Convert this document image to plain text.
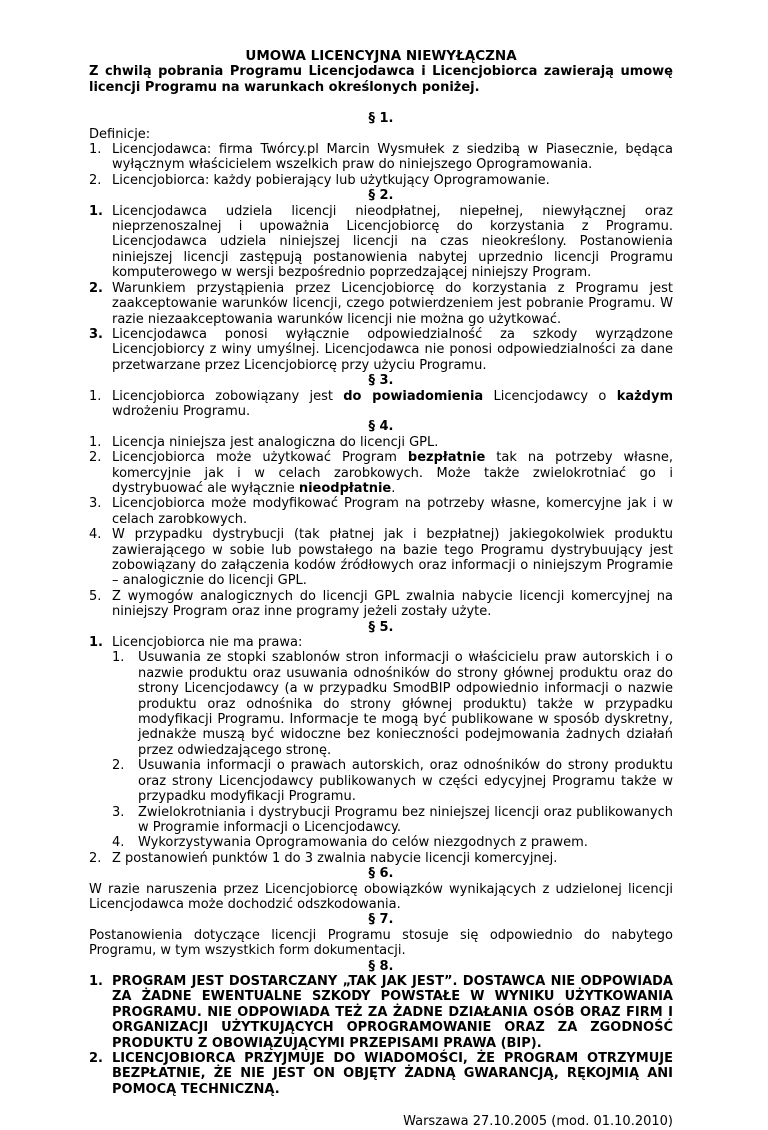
UMOWA LICENCYJNA NIEWYŁĄCZNA

Z chwilą pobrania Programu Licencjodawca i Licencjobiorca zawierają umowę licencji Programu na warunkach określonych poniżej.

§ 1.

Definicje:

1. Licencjodawca: firma Twórcy.pl Marcin Wysmułek z siedzibą w Piasecznie, będąca wyłącznym właścicielem wszelkich praw do niniejszego Oprogramowania.
2. Licencjobiorca: każdy pobierający lub użytkujący Oprogramowanie.

§ 2.

1. Licencjodawca udziela licencji nieodpłatnej, niepełnej, niewyłącznej oraz nieprzenoszalnej i upoważnia Licencjobiorcę do korzystania z Programu. Licencjodawca udziela niniejszej licencji na czas nieokreślony. Postanowienia niniejszej licencji zastępują postanowienia nabytej uprzednio licencji Programu komputerowego w wersji bezpośrednio poprzedzającej niniejszy Program.
2. Warunkiem przystąpienia przez Licencjobiorcę do korzystania z Programu jest zaakceptowanie warunków licencji, czego potwierdzeniem jest pobranie Programu. W razie niezaakceptowania warunków licencji nie można go użytkować.
3. Licencjodawca ponosi wyłącznie odpowiedzialność za szkody wyrządzone Licencjobiorcy z winy umyślnej. Licencjodawca nie ponosi odpowiedzialności za dane przetwarzane przez Licencjobiorcę przy użyciu Programu.

§ 3.

1. Licencjobiorca zobowiązany jest do powiadomienia Licencjodawcy o każdym wdrożeniu Programu.

§ 4.

1. Licencja niniejsza jest analogiczna do licencji GPL.
2. Licencjobiorca może użytkować Program bezpłatnie tak na potrzeby własne, komercyjnie jak i w celach zarobkowych. Może także zwielokrotniać go i dystrybuować ale wyłącznie nieodpłatnie.
3. Licencjobiorca może modyfikować Program na potrzeby własne, komercyjne jak i w celach zarobkowych.
4. W przypadku dystrybucji (tak płatnej jak i bezpłatnej) jakiegokolwiek produktu zawierającego w sobie lub powstałego na bazie tego Programu dystrybuujący jest zobowiązany do załączenia kodów źródłowych oraz informacji o niniejszym Programie – analogicznie do licencji GPL.
5. Z wymogów analogicznych do licencji GPL zwalnia nabycie licencji komercyjnej na niniejszy Program oraz inne programy jeżeli zostały użyte.

§ 5.

1. Licencjobiorca nie ma prawa:
1. Usuwania ze stopki szablonów stron informacji o właścicielu praw autorskich i o nazwie produktu oraz usuwania odnośników do strony głównej produktu oraz do strony Licencjodawcy (a w przypadku SmodBIP odpowiednio informacji o nazwie produktu oraz odnośnika do strony głównej produktu) także w przypadku modyfikacji Programu. Informacje te mogą być publikowane w sposób dyskretny, jednakże muszą być widoczne bez konieczności podejmowania żadnych działań przez odwiedzającego stronę.
2. Usuwania informacji o prawach autorskich, oraz odnośników do strony produktu oraz strony Licencjodawcy publikowanych w części edycyjnej Programu także w przypadku modyfikacji Programu.
3. Zwielokrotniania i dystrybucji Programu bez niniejszej licencji oraz publikowanych w Programie informacji o Licencjodawcy.
4. Wykorzystywania Oprogramowania do celów niezgodnych z prawem.
2. Z postanowień punktów 1 do 3 zwalnia nabycie licencji komercyjnej.

§ 6.

W razie naruszenia przez Licencjobiorcę obowiązków wynikających z udzielonej licencji Licencjodawca może dochodzić odszkodowania.

§ 7.

Postanowienia dotyczące licencji Programu stosuje się odpowiednio do nabytego Programu, w tym wszystkich form dokumentacji.

§ 8.

1. PROGRAM JEST DOSTARCZANY „TAK JAK JEST”. DOSTAWCA NIE ODPOWIADA ZA ŻADNE EWENTUALNE SZKODY POWSTAŁE W WYNIKU UŻYTKOWANIA PROGRAMU. NIE ODPOWIADA TEŻ ZA ŻADNE DZIAŁANIA OSÓB ORAZ FIRM I ORGANIZACJI UŻYTKUJĄCYCH OPROGRAMOWANIE ORAZ ZA ZGODNOŚĆ PRODUKTU Z OBOWIĄZUJĄCYMI PRZEPISAMI PRAWA (BIP).
2. LICENCJOBIORCA PRZYJMUJE DO WIADOMOŚCI, ŻE PROGRAM OTRZYMUJE BEZPŁATNIE, ŻE NIE JEST ON OBJĘTY ŻADNĄ GWARANCJĄ, RĘKOJMIĄ ANI POMOCĄ TECHNICZNĄ.

Warszawa 27.10.2005 (mod. 01.10.2010)
